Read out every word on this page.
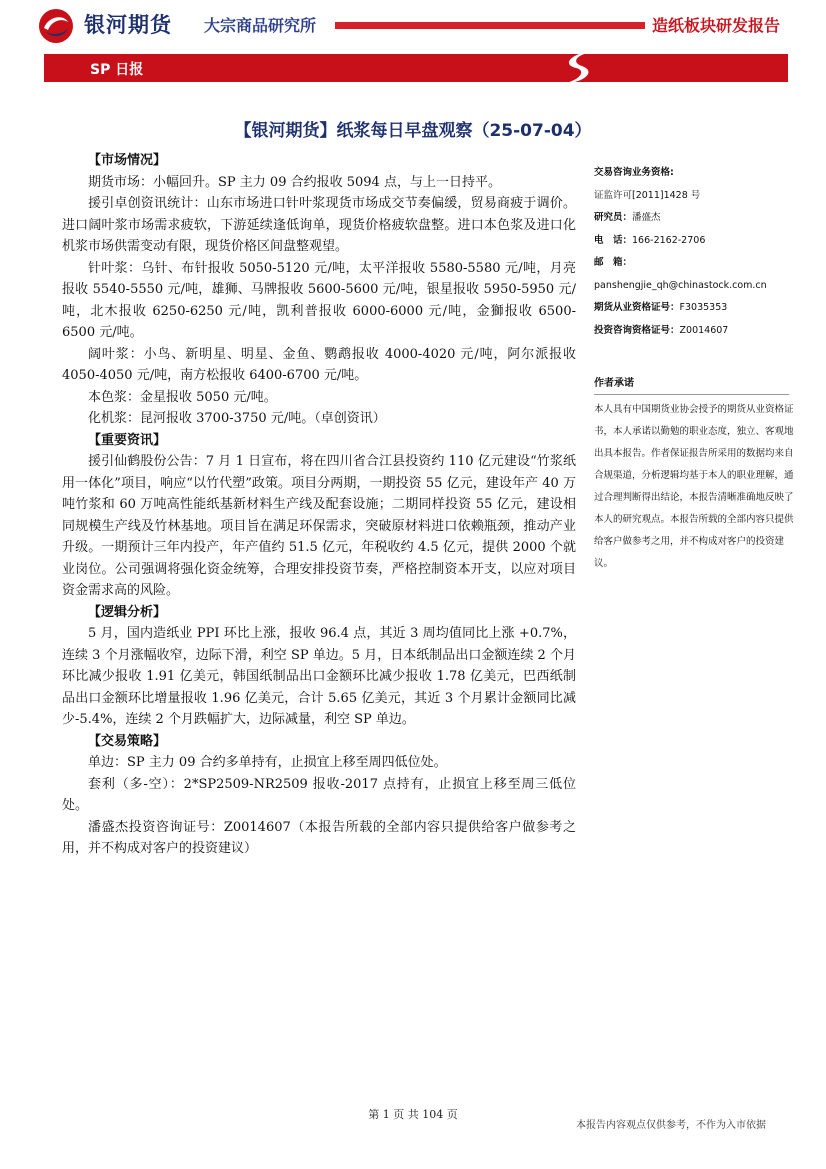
银河期货 大宗商品研究所	造纸板块研发报告
SP 日报
【银河期货】纸浆每日早盘观察（25-07-04）
【市场情况】

期货市场：小幅回升。SP 主力 09 合约报收 5094 点，与上一日持平。

援引卓创资讯统计：山东市场进口针叶浆现货市场成交节奏偏缓，贸易商疲于调价。进口阔叶浆市场需求疲软，下游延续逢低询单，现货价格疲软盘整。进口本色浆及进口化机浆市场供需变动有限，现货价格区间盘整观望。

针叶浆：乌针、布针报收 5050-5120 元/吨，太平洋报收 5580-5580 元/吨，月亮报收 5540-5550 元/吨，雄狮、马牌报收 5600-5600 元/吨，银星报收 5950-5950 元/吨，北木报收 6250-6250 元/吨，凯利普报收 6000-6000 元/吨，金獅报收 6500-6500 元/吨。

阔叶浆：小鸟、新明星、明星、金鱼、鹦鹉报收 4000-4020 元/吨，阿尔派报收 4050-4050 元/吨，南方松报收 6400-6700 元/吨。

本色浆：金星报收 5050 元/吨。

化机浆：昆河报收 3700-3750 元/吨。（卓创资讯）

【重要资讯】

援引仙鹤股份公告：7 月 1 日宣布，将在四川省合江县投资约 110 亿元建设“竹浆纸用一体化”项目，响应“以竹代塑”政策。项目分两期，一期投资 55 亿元，建设年产 40 万吨竹浆和 60 万吨高性能纸基新材料生产线及配套设施；二期同样投资 55 亿元，建设相同规模生产线及竹林基地。项目旨在满足环保需求，突破原材料进口依赖瓶颈，推动产业升级。一期预计三年内投产，年产值约 51.5 亿元，年税收约 4.5 亿元，提供 2000 个就业岗位。公司强调将强化资金统筹，合理安排投资节奏，严格控制资本开支，以应对项目资金需求高的风险。

【逻辑分析】

5 月，国内造纸业 PPI 环比上涨，报收 96.4 点，其近 3 周均值同比上涨 +0.7%，连续 3 个月涨幅收窄，边际下滑，利空 SP 单边。5 月，日本纸制品出口金额连续 2 个月环比减少报收 1.91 亿美元，韩国纸制品出口金额环比减少报收 1.78 亿美元，巴西纸制品出口金额环比增量报收 1.96 亿美元，合计 5.65 亿美元，其近 3 个月累计金额同比减少-5.4%，连续 2 个月跌幅扩大，边际减量，利空 SP 单边。

【交易策略】

单边：SP 主力 09 合约多单持有，止损宜上移至周四低位处。

套利（多-空）：2*SP2509-NR2509 报收-2017 点持有，止损宜上移至周三低位处。

潘盛杰投资咨询证号：Z0014607（本报告所载的全部内容只提供给客户做参考之用，并不构成对客户的投资建议）

交易咨询业务资格:
证监许可[2011]1428 号
研究员：潘盛杰
电　话：166-2162-2706
邮　箱：
panshengjie_qh@chinastock.com.cn
期货从业资格证号：F3035353
投资咨询资格证号：Z0014607
作者承诺
本人具有中国期货业协会授予的期货从业资格证书，本人承诺以勤勉的职业态度，独立、客观地出具本报告。作者保证报告所采用的数据均来自合规渠道，分析逻辑均基于本人的职业理解，通过合理判断得出结论，本报告清晰准确地反映了本人的研究观点。本报告所载的全部内容只提供给客户做参考之用，并不构成对客户的投资建议。
第 1 页 共 104 页
本报告内容观点仅供参考，不作为入市依据
